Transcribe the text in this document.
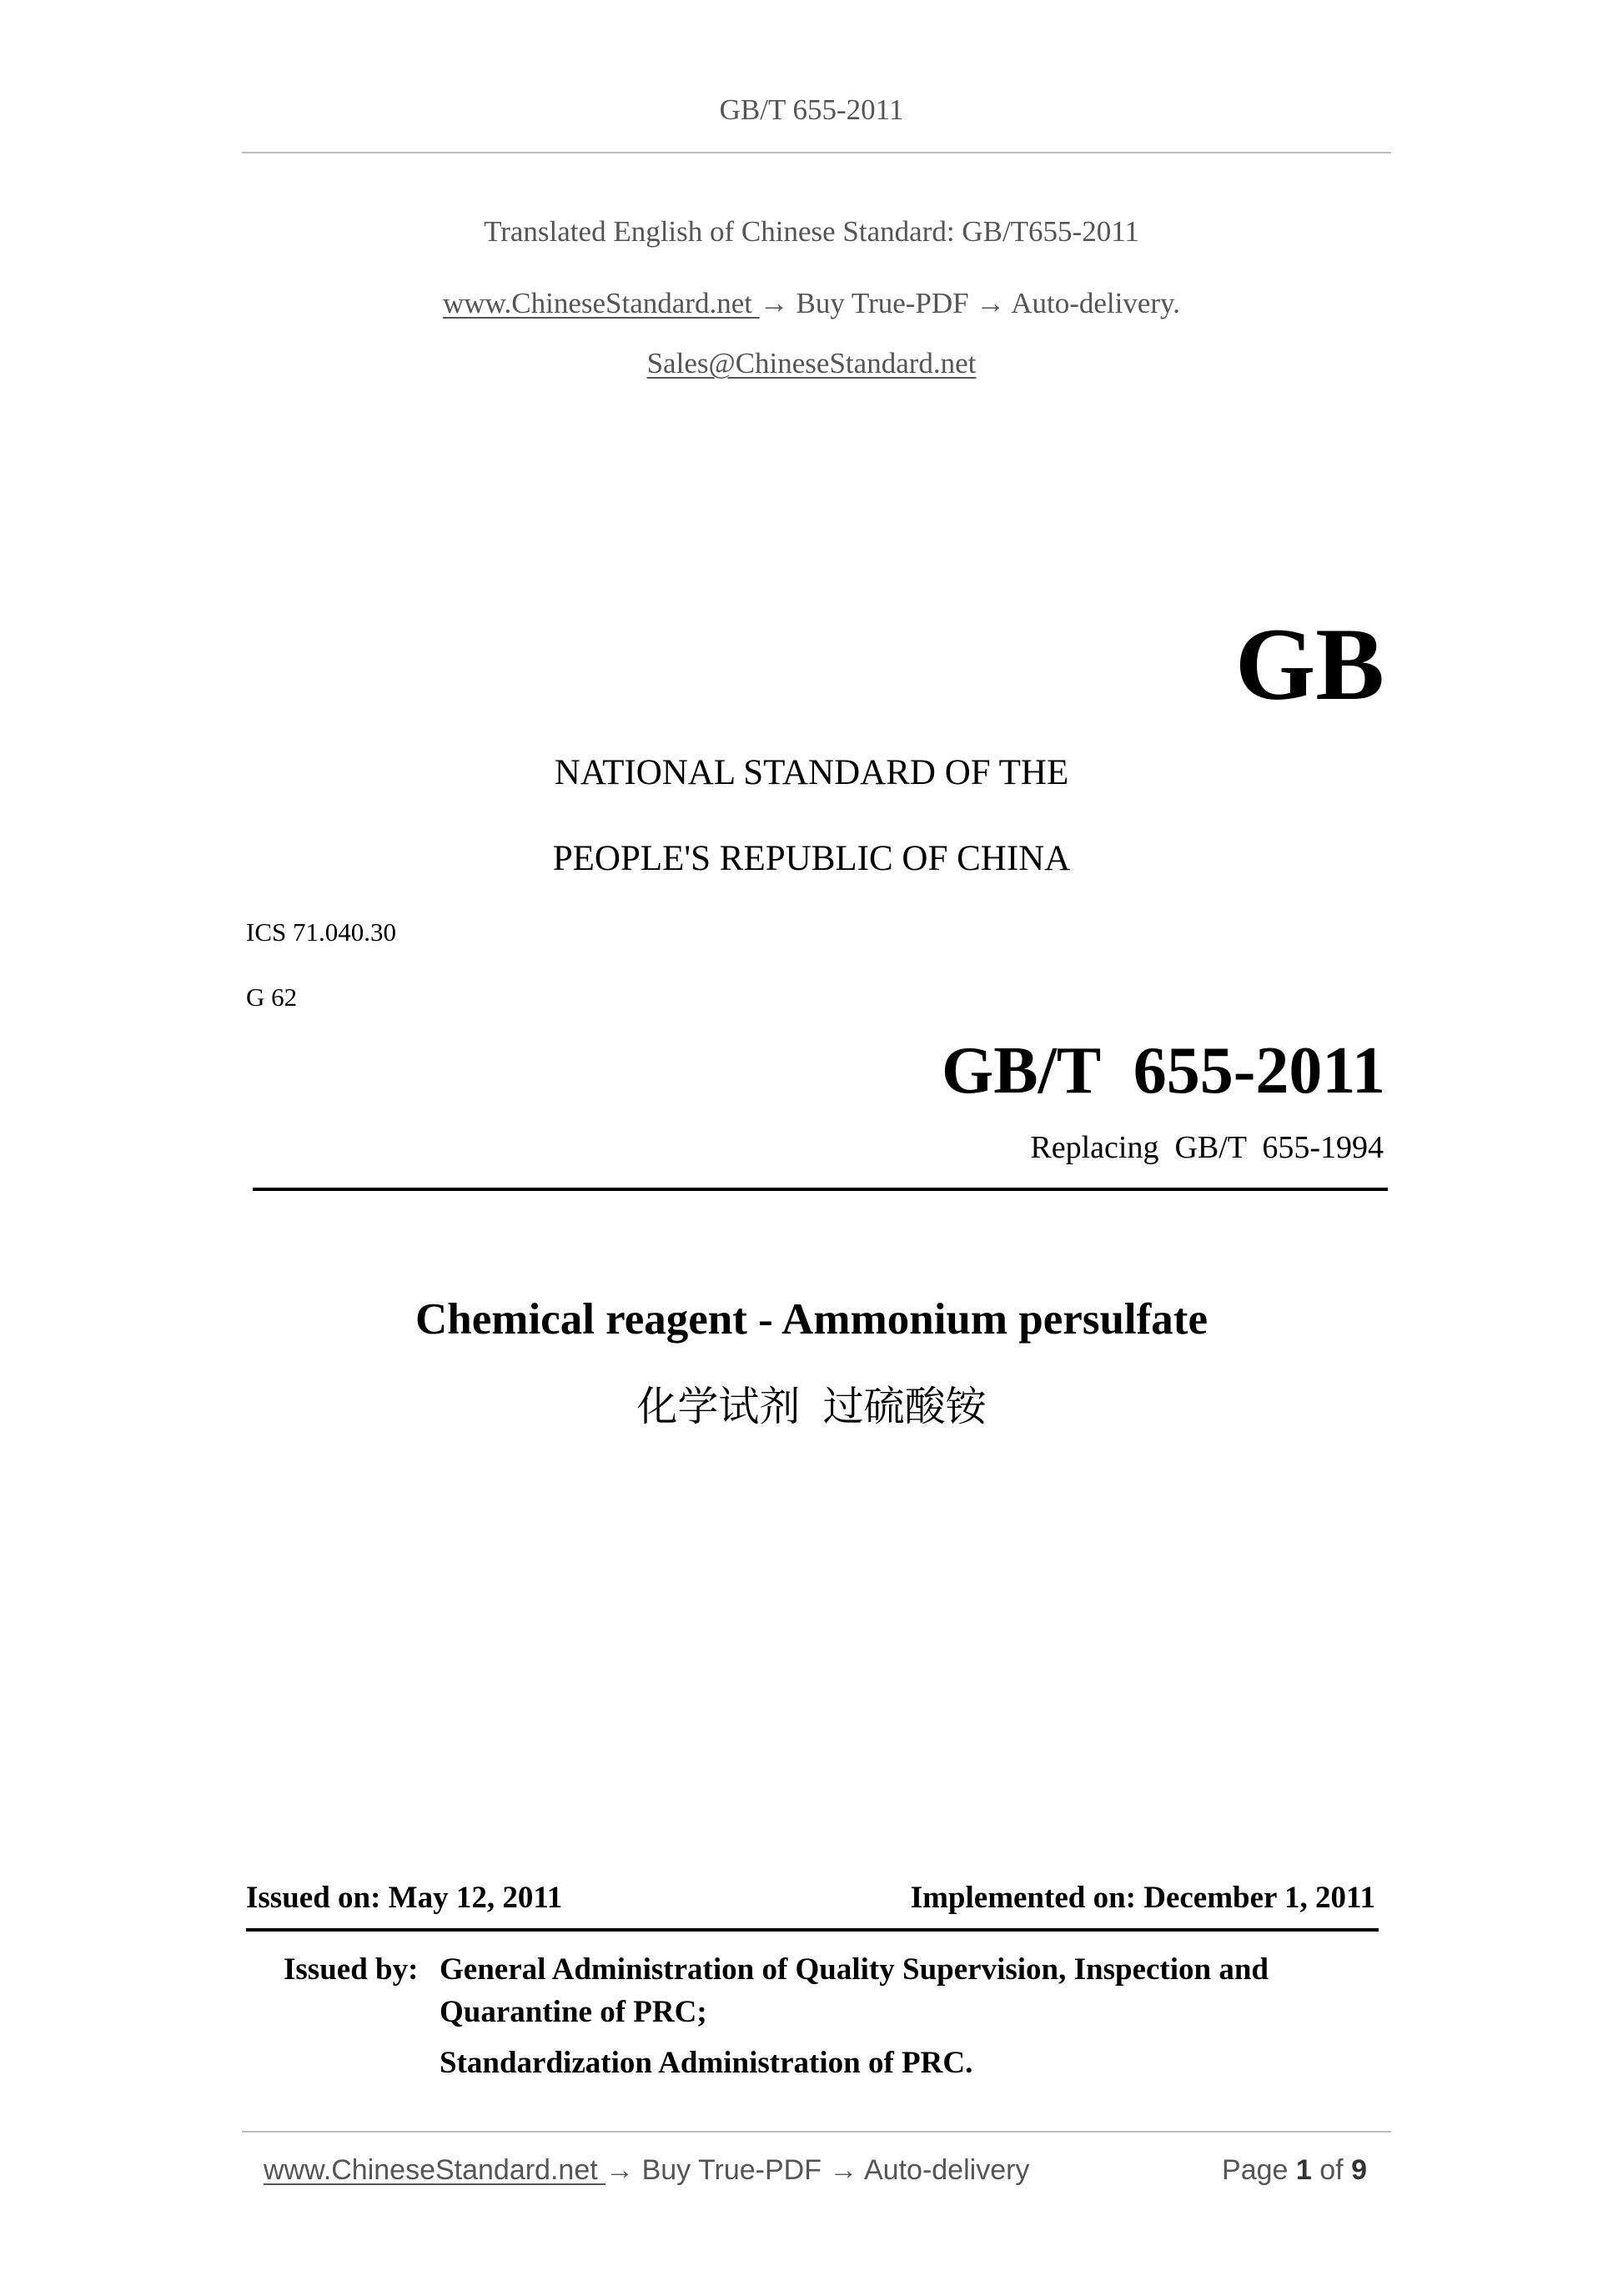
GB/T 655-2011
Translated English of Chinese Standard: GB/T655-2011
www.ChineseStandard.net → Buy True-PDF → Auto-delivery.
Sales@ChineseStandard.net
GB
NATIONAL STANDARD OF THE
PEOPLE'S REPUBLIC OF CHINA
ICS 71.040.30
G 62
GB/T  655-2011
Replacing  GB/T  655-1994
Chemical reagent - Ammonium persulfate
化学试剂  过硫酸铵
Issued on: May 12, 2011	Implemented on: December 1, 2011
Issued by: General Administration of Quality Supervision, Inspection and
Quarantine of PRC;
Standardization Administration of PRC.
www.ChineseStandard.net → Buy True-PDF → Auto-delivery	Page 1 of 9
